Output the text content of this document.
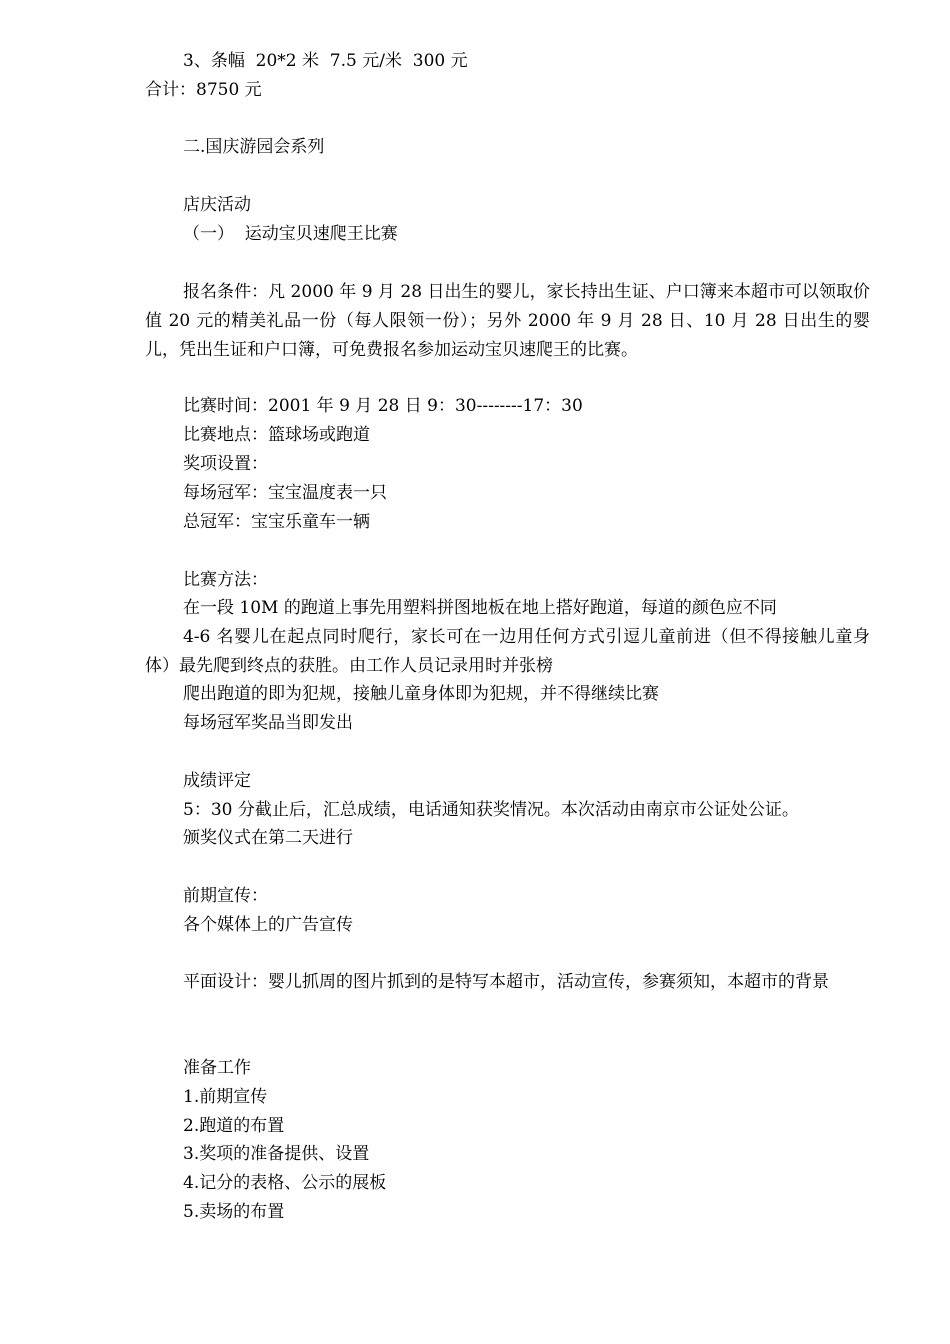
3、条幅  20*2 米  7.5 元/米  300 元
合计：8750 元
二.国庆游园会系列
店庆活动
（一）  运动宝贝速爬王比赛
报名条件：凡 2000 年 9 月 28 日出生的婴儿，家长持出生证、户口簿来本超市可以领取价值 20 元的精美礼品一份（每人限领一份）；另外 2000 年 9 月 28 日、10 月 28 日出生的婴儿，凭出生证和户口簿，可免费报名参加运动宝贝速爬王的比赛。
比赛时间：2001 年 9 月 28 日 9：30--------17：30
比赛地点：篮球场或跑道
奖项设置：
每场冠军：宝宝温度表一只
总冠军：宝宝乐童车一辆
比赛方法：
在一段 10M 的跑道上事先用塑料拼图地板在地上搭好跑道，每道的颜色应不同
4-6 名婴儿在起点同时爬行，家长可在一边用任何方式引逗儿童前进（但不得接触儿童身体）最先爬到终点的获胜。由工作人员记录用时并张榜
爬出跑道的即为犯规，接触儿童身体即为犯规，并不得继续比赛
每场冠军奖品当即发出
成绩评定
5：30 分截止后，汇总成绩，电话通知获奖情况。本次活动由南京市公证处公证。
颁奖仪式在第二天进行
前期宣传：
各个媒体上的广告宣传
平面设计：婴儿抓周的图片抓到的是特写本超市，活动宣传，参赛须知，本超市的背景
准备工作
1.前期宣传
2.跑道的布置
3.奖项的准备提供、设置
4.记分的表格、公示的展板
5.卖场的布置
